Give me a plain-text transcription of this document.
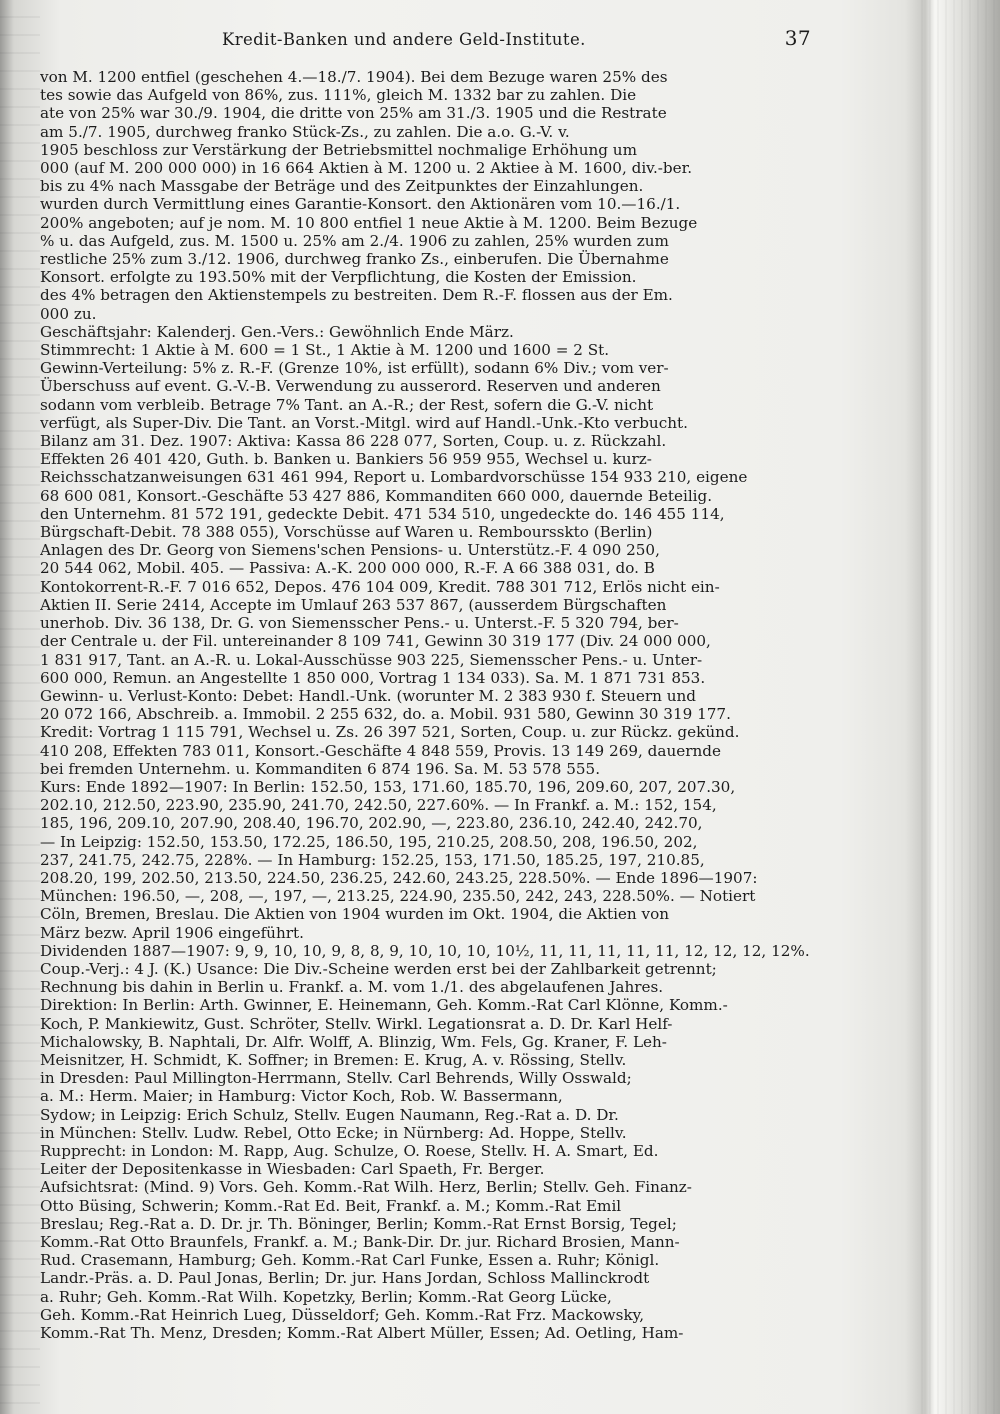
Kredit-Banken und andere Geld-Institute.	37
von M. 1200 entfiel (geschehen 4.—18./7. 1904). Bei dem Bezuge waren 25% des
tes sowie das Aufgeld von 86%, zus. 111%, gleich M. 1332 bar zu zahlen. Die
ate von 25% war 30./9. 1904, die dritte von 25% am 31./3. 1905 und die Restrate
am 5./7. 1905, durchweg franko Stück-Zs., zu zahlen. Die a.o. G.-V. v.
1905 beschloss zur Verstärkung der Betriebsmittel nochmalige Erhöhung um
000 (auf M. 200 000 000) in 16 664 Aktien à M. 1200 u. 2 Aktiee à M. 1600, div.-ber.
bis zu 4% nach Massgabe der Beträge und des Zeitpunktes der Einzahlungen.
wurden durch Vermittlung eines Garantie-Konsort. den Aktionären vom 10.—16./1.
200% angeboten; auf je nom. M. 10 800 entfiel 1 neue Aktie à M. 1200. Beim Bezuge
% u. das Aufgeld, zus. M. 1500 u. 25% am 2./4. 1906 zu zahlen, 25% wurden zum
restliche 25% zum 3./12. 1906, durchweg franko Zs., einberufen. Die Übernahme
Konsort. erfolgte zu 193.50% mit der Verpflichtung, die Kosten der Emission.
des 4% betragen den Aktienstempels zu bestreiten. Dem R.-F. flossen aus der Em.
000 zu.
Geschäftsjahr: Kalenderj. Gen.-Vers.: Gewöhnlich Ende März.
Stimmrecht: 1 Aktie à M. 600 = 1 St., 1 Aktie à M. 1200 und 1600 = 2 St.
Gewinn-Verteilung: 5% z. R.-F. (Grenze 10%, ist erfüllt), sodann 6% Div.; vom ver-
Überschuss auf event. G.-V.-B. Verwendung zu ausserord. Reserven und anderen
sodann vom verbleib. Betrage 7% Tant. an A.-R.; der Rest, sofern die G.-V. nicht
verfügt, als Super-Div. Die Tant. an Vorst.-Mitgl. wird auf Handl.-Unk.-Kto verbucht.
Bilanz am 31. Dez. 1907: Aktiva: Kassa 86 228 077, Sorten, Coup. u. z. Rückzahl.
Effekten 26 401 420, Guth. b. Banken u. Bankiers 56 959 955, Wechsel u. kurz-
Reichsschatzanweisungen 631 461 994, Report u. Lombardvorschüsse 154 933 210, eigene
68 600 081, Konsort.-Geschäfte 53 427 886, Kommanditen 660 000, dauernde Beteilig.
den Unternehm. 81 572 191, gedeckte Debit. 471 534 510, ungedeckte do. 146 455 114,
Bürgschaft-Debit. 78 388 055), Vorschüsse auf Waren u. Remboursskto (Berlin)
Anlagen des Dr. Georg von Siemens'schen Pensions- u. Unterstütz.-F. 4 090 250,
20 544 062, Mobil. 405. — Passiva: A.-K. 200 000 000, R.-F. A 66 388 031, do. B
Kontokorrent-R.-F. 7 016 652, Depos. 476 104 009, Kredit. 788 301 712, Erlös nicht ein-
Aktien II. Serie 2414, Accepte im Umlauf 263 537 867, (ausserdem Bürgschaften
unerhob. Div. 36 138, Dr. G. von Siemensscher Pens.- u. Unterst.-F. 5 320 794, ber-
der Centrale u. der Fil. untereinander 8 109 741, Gewinn 30 319 177 (Div. 24 000 000,
1 831 917, Tant. an A.-R. u. Lokal-Ausschüsse 903 225, Siemensscher Pens.- u. Unter-
600 000, Remun. an Angestellte 1 850 000, Vortrag 1 134 033). Sa. M. 1 871 731 853.
Gewinn- u. Verlust-Konto: Debet: Handl.-Unk. (worunter M. 2 383 930 f. Steuern und
20 072 166, Abschreib. a. Immobil. 2 255 632, do. a. Mobil. 931 580, Gewinn 30 319 177.
Kredit: Vortrag 1 115 791, Wechsel u. Zs. 26 397 521, Sorten, Coup. u. zur Rückz. gekünd.
410 208, Effekten 783 011, Konsort.-Geschäfte 4 848 559, Provis. 13 149 269, dauernde
bei fremden Unternehm. u. Kommanditen 6 874 196. Sa. M. 53 578 555.
Kurs: Ende 1892—1907: In Berlin: 152.50, 153, 171.60, 185.70, 196, 209.60, 207, 207.30,
202.10, 212.50, 223.90, 235.90, 241.70, 242.50, 227.60%. — In Frankf. a. M.: 152, 154,
185, 196, 209.10, 207.90, 208.40, 196.70, 202.90, —, 223.80, 236.10, 242.40, 242.70,
— In Leipzig: 152.50, 153.50, 172.25, 186.50, 195, 210.25, 208.50, 208, 196.50, 202,
237, 241.75, 242.75, 228%. — In Hamburg: 152.25, 153, 171.50, 185.25, 197, 210.85,
208.20, 199, 202.50, 213.50, 224.50, 236.25, 242.60, 243.25, 228.50%. — Ende 1896—1907:
München: 196.50, —, 208, —, 197, —, 213.25, 224.90, 235.50, 242, 243, 228.50%. — Notiert
Cöln, Bremen, Breslau. Die Aktien von 1904 wurden im Okt. 1904, die Aktien von
März bezw. April 1906 eingeführt.
Dividenden 1887—1907: 9, 9, 10, 10, 9, 8, 8, 9, 10, 10, 10, 10½, 11, 11, 11, 11, 11, 12, 12, 12, 12%.
Coup.-Verj.: 4 J. (K.) Usance: Die Div.-Scheine werden erst bei der Zahlbarkeit getrennt;
Rechnung bis dahin in Berlin u. Frankf. a. M. vom 1./1. des abgelaufenen Jahres.
Direktion: In Berlin: Arth. Gwinner, E. Heinemann, Geh. Komm.-Rat Carl Klönne, Komm.-
Koch, P. Mankiewitz, Gust. Schröter, Stellv. Wirkl. Legationsrat a. D. Dr. Karl Helf-
Michalowsky, B. Naphtali, Dr. Alfr. Wolff, A. Blinzig, Wm. Fels, Gg. Kraner, F. Leh-
Meisnitzer, H. Schmidt, K. Soffner; in Bremen: E. Krug, A. v. Rössing, Stellv.
in Dresden: Paul Millington-Herrmann, Stellv. Carl Behrends, Willy Osswald;
a. M.: Herm. Maier; in Hamburg: Victor Koch, Rob. W. Bassermann,
Sydow; in Leipzig: Erich Schulz, Stellv. Eugen Naumann, Reg.-Rat a. D. Dr.
in München: Stellv. Ludw. Rebel, Otto Ecke; in Nürnberg: Ad. Hoppe, Stellv.
Rupprecht: in London: M. Rapp, Aug. Schulze, O. Roese, Stellv. H. A. Smart, Ed.
Leiter der Depositenkasse in Wiesbaden: Carl Spaeth, Fr. Berger.
Aufsichtsrat: (Mind. 9) Vors. Geh. Komm.-Rat Wilh. Herz, Berlin; Stellv. Geh. Finanz-
Otto Büsing, Schwerin; Komm.-Rat Ed. Beit, Frankf. a. M.; Komm.-Rat Emil
Breslau; Reg.-Rat a. D. Dr. jr. Th. Böninger, Berlin; Komm.-Rat Ernst Borsig, Tegel;
Komm.-Rat Otto Braunfels, Frankf. a. M.; Bank-Dir. Dr. jur. Richard Brosien, Mann-
Rud. Crasemann, Hamburg; Geh. Komm.-Rat Carl Funke, Essen a. Ruhr; Königl.
Landr.-Präs. a. D. Paul Jonas, Berlin; Dr. jur. Hans Jordan, Schloss Mallinckrodt
a. Ruhr; Geh. Komm.-Rat Wilh. Kopetzky, Berlin; Komm.-Rat Georg Lücke,
Geh. Komm.-Rat Heinrich Lueg, Düsseldorf; Geh. Komm.-Rat Frz. Mackowsky,
Komm.-Rat Th. Menz, Dresden; Komm.-Rat Albert Müller, Essen; Ad. Oetling, Ham-
